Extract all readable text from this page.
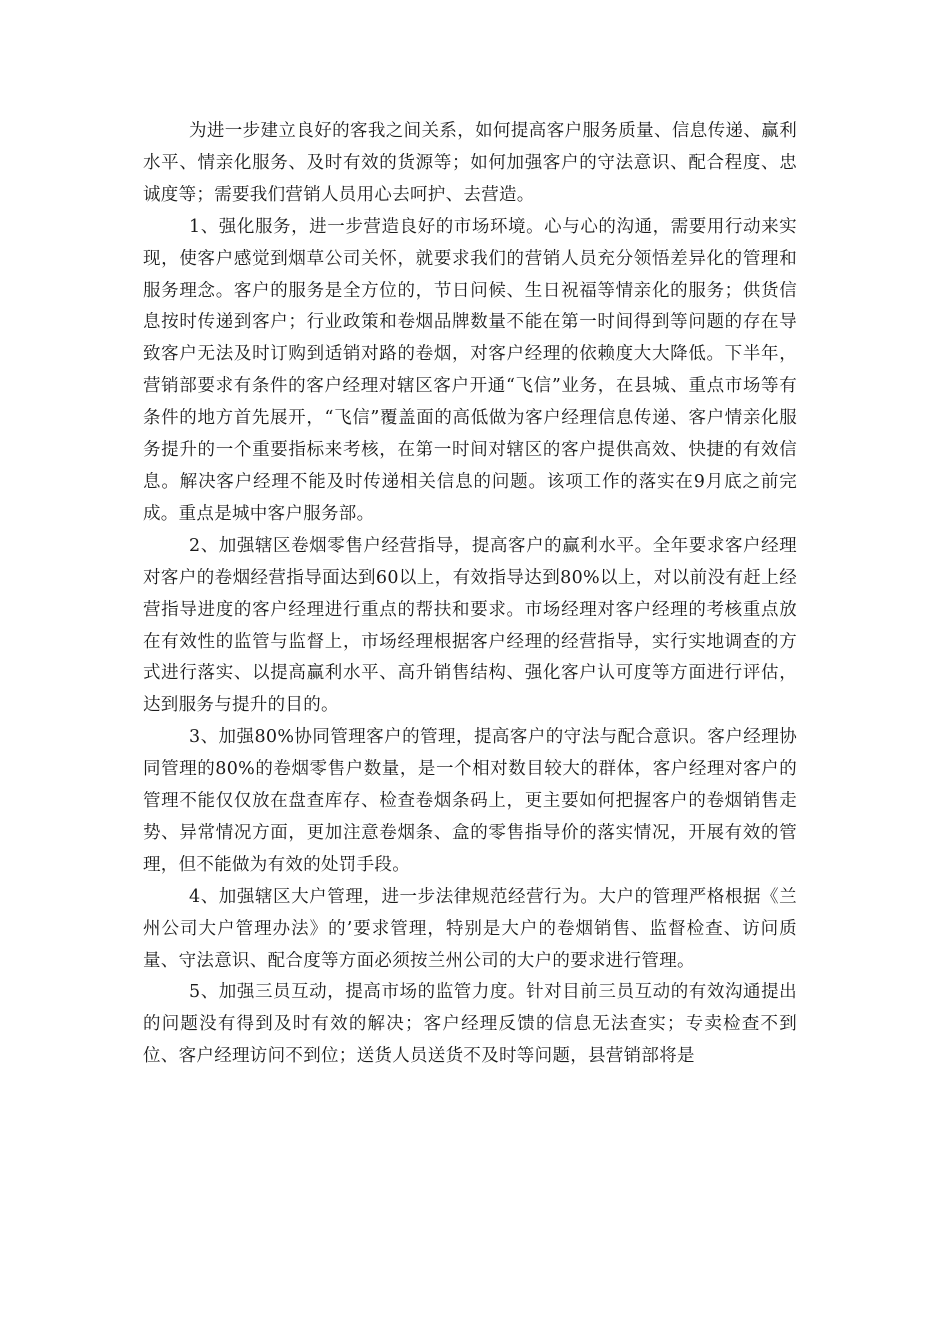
为进一步建立良好的客我之间关系，如何提高客户服务质量、信息传递、赢利水平、情亲化服务、及时有效的货源等；如何加强客户的守法意识、配合程度、忠诚度等；需要我们营销人员用心去呵护、去营造。

1、强化服务，进一步营造良好的市场环境。心与心的沟通，需要用行动来实现，使客户感觉到烟草公司关怀，就要求我们的营销人员充分领悟差异化的管理和服务理念。客户的服务是全方位的，节日问候、生日祝福等情亲化的服务；供货信息按时传递到客户；行业政策和卷烟品牌数量不能在第一时间得到等问题的存在导致客户无法及时订购到适销对路的卷烟，对客户经理的依赖度大大降低。下半年，营销部要求有条件的客户经理对辖区客户开通“飞信”业务，在县城、重点市场等有条件的地方首先展开，“飞信”覆盖面的高低做为客户经理信息传递、客户情亲化服务提升的一个重要指标来考核，在第一时间对辖区的客户提供高效、快捷的有效信息。解决客户经理不能及时传递相关信息的问题。该项工作的落实在9月底之前完成。重点是城中客户服务部。

2、加强辖区卷烟零售户经营指导，提高客户的赢利水平。全年要求客户经理对客户的卷烟经营指导面达到60以上，有效指导达到80%以上，对以前没有赶上经营指导进度的客户经理进行重点的帮扶和要求。市场经理对客户经理的考核重点放在有效性的监管与监督上，市场经理根据客户经理的经营指导，实行实地调查的方式进行落实、以提高赢利水平、高升销售结构、强化客户认可度等方面进行评估，达到服务与提升的目的。

3、加强80%协同管理客户的管理，提高客户的守法与配合意识。客户经理协同管理的80%的卷烟零售户数量，是一个相对数目较大的群体，客户经理对客户的管理不能仅仅放在盘查库存、检查卷烟条码上，更主要如何把握客户的卷烟销售走势、异常情况方面，更加注意卷烟条、盒的零售指导价的落实情况，开展有效的管理，但不能做为有效的处罚手段。

4、加强辖区大户管理，进一步法律规范经营行为。大户的管理严格根据《兰州公司大户管理办法》的’要求管理，特别是大户的卷烟销售、监督检查、访问质量、守法意识、配合度等方面必须按兰州公司的大户的要求进行管理。

5、加强三员互动，提高市场的监管力度。针对目前三员互动的有效沟通提出的问题没有得到及时有效的解决；客户经理反馈的信息无法查实；专卖检查不到位、客户经理访问不到位；送货人员送货不及时等问题，县营销部将是
